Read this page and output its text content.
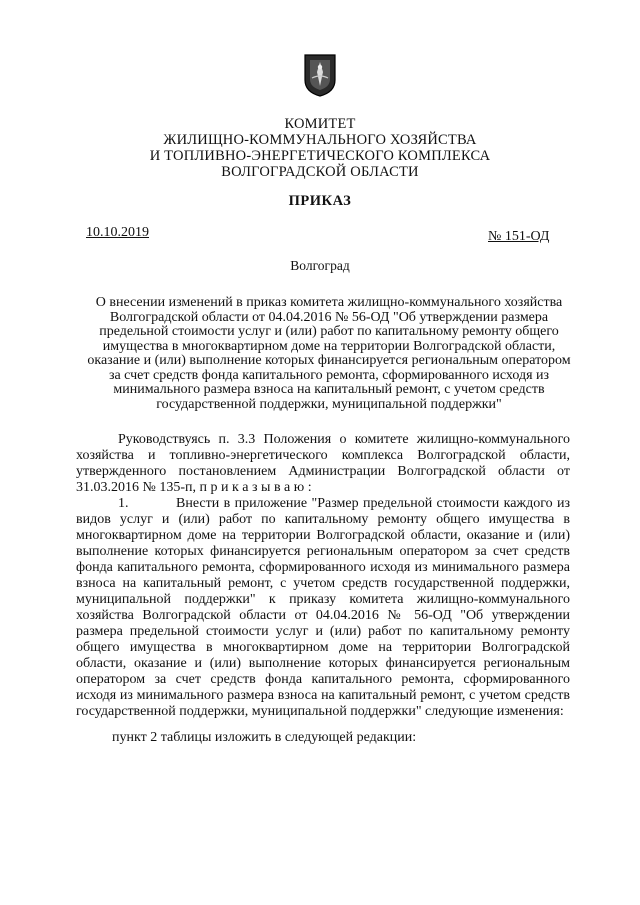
КОМИТЕТ
ЖИЛИЩНО-КОММУНАЛЬНОГО ХОЗЯЙСТВА
И ТОПЛИВНО-ЭНЕРГЕТИЧЕСКОГО КОМПЛЕКСА
ВОЛГОГРАДСКОЙ ОБЛАСТИ
ПРИКАЗ
10.10.2019	№ 151-ОД
Волгоград
О внесении изменений в приказ комитета жилищно-коммунального хозяйства Волгоградской области от 04.04.2016 № 56-ОД "Об утверждении размера предельной стоимости услуг и (или) работ по капитальному ремонту общего имущества в многоквартирном доме на территории Волгоградской области, оказание и (или) выполнение которых финансируется региональным оператором за счет средств фонда капитального ремонта, сформированного исходя из минимального размера взноса на капитальный ремонт, с учетом средств государственной поддержки, муниципальной поддержки"

Руководствуясь п. 3.3 Положения о комитете жилищно-коммунального хозяйства и топливно-энергетического комплекса Волгоградской области, утвержденного постановлением Администрации Волгоградской области от 31.03.2016 № 135-п, п р и к а з ы в а ю :

1.	Внести в приложение "Размер предельной стоимости каждого из видов услуг и (или) работ по капитальному ремонту общего имущества в многоквартирном доме на территории Волгоградской области, оказание и (или) выполнение которых финансируется региональным оператором за счет средств фонда капитального ремонта, сформированного исходя из минимального размера взноса на капитальный ремонт, с учетом средств государственной поддержки, муниципальной поддержки" к приказу комитета жилищно-коммунального хозяйства Волгоградской области от 04.04.2016 № 56-ОД "Об утверждении размера предельной стоимости услуг и (или) работ по капитальному ремонту общего имущества в многоквартирном доме на территории Волгоградской области, оказание и (или) выполнение которых финансируется региональным оператором за счет средств фонда капитального ремонта, сформированного исходя из минимального размера взноса на капитальный ремонт, с учетом средств государственной поддержки, муниципальной поддержки" следующие изменения:

пункт 2 таблицы изложить в следующей редакции:
